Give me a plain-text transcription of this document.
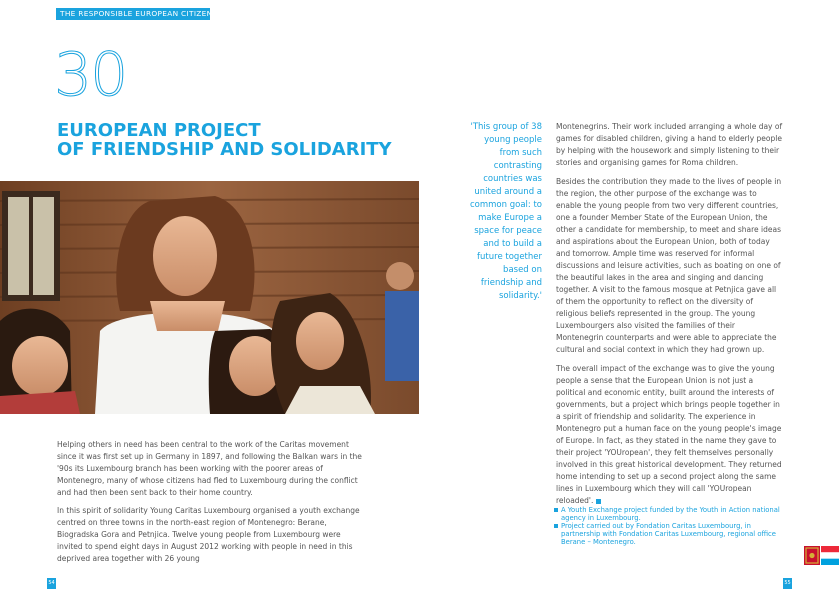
THE RESPONSIBLE EUROPEAN CITIZENS
30
EUROPEAN PROJECT
OF FRIENDSHIP AND SOLIDARITY

Helping others in need has been central to the work of the Caritas movement since it was first set up in Germany in 1897, and following the Balkan wars in the '90s its Luxembourg branch has been working with the poorer areas of Montenegro, many of whose citizens had fled to Luxembourg during the conflict and had then been sent back to their home country.

In this spirit of solidarity Young Caritas Luxembourg organised a youth exchange centred on three towns in the north-east region of Montenegro: Berane, Biogradska Gora and Petnjica. Twelve young people from Luxembourg were invited to spend eight days in August 2012 working with people in need in this deprived area together with 26 young

'This group of 38 young people from such contrasting countries was united around a common goal: to make Europe a space for peace and to build a future together based on friendship and solidarity.'

Montenegrins. Their work included arranging a whole day of games for disabled children, giving a hand to elderly people by helping with the housework and simply listening to their stories and organising games for Roma children.

Besides the contribution they made to the lives of people in the region, the other purpose of the exchange was to enable the young people from two very different countries, one a founder Member State of the European Union, the other a candidate for membership, to meet and share ideas and aspirations about the European Union, both of today and tomorrow. Ample time was reserved for informal discussions and leisure activities, such as boating on one of the beautiful lakes in the area and singing and dancing together. A visit to the famous mosque at Petnjica gave all of them the opportunity to reflect on the diversity of religious beliefs represented in the group. The young Luxembourgers also visited the families of their Montenegrin counterparts and were able to appreciate the cultural and social context in which they had grown up.

The overall impact of the exchange was to give the young people a sense that the European Union is not just a political and economic entity, built around the interests of governments, but a project which brings people together in a spirit of friendship and solidarity. The experience in Montenegro put a human face on the young people's image of Europe. In fact, as they stated in the name they gave to their project 'YOUropean', they felt themselves personally involved in this great historical development. They returned home intending to set up a second project along the same lines in Luxembourg which they will call 'YOUropean reloaded'.

A Youth Exchange project funded by the Youth in Action national agency in Luxembourg.
Project carried out by Fondation Caritas Luxembourg, in partnership with Fondation Caritas Luxembourg, regional office Berane – Montenegro.
54	55
